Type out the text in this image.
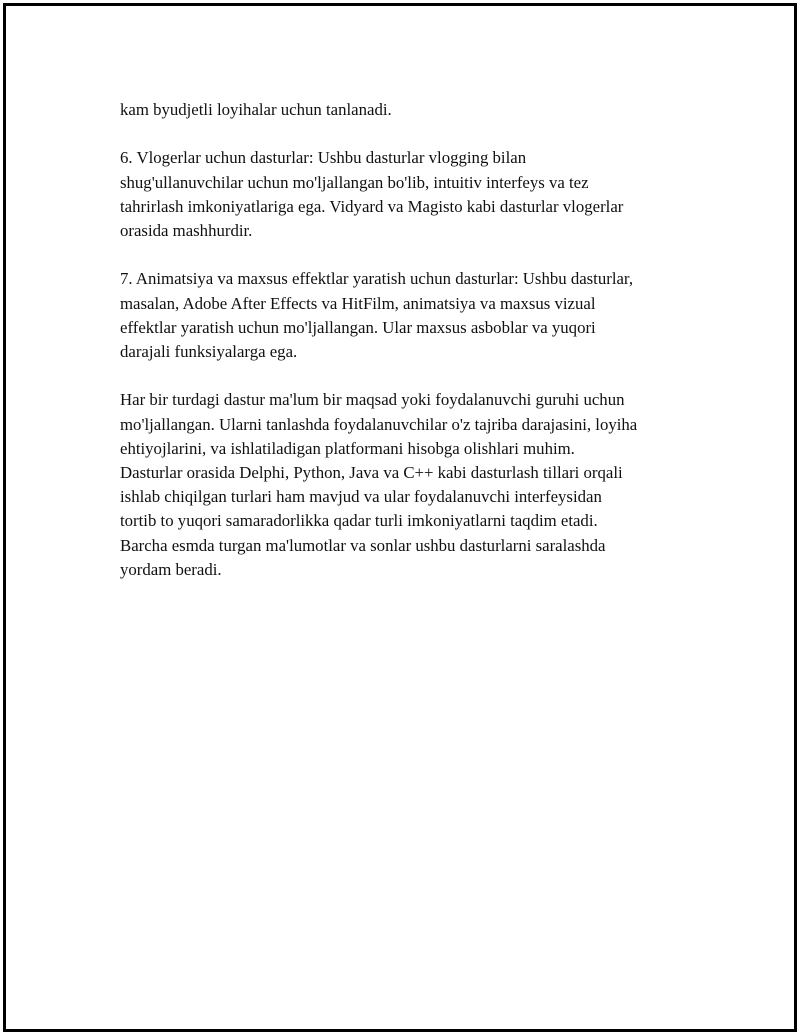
kam byudjetli loyihalar uchun tanlanadi.

6. Vlogerlar uchun dasturlar: Ushbu dasturlar vlogging bilan
shug'ullanuvchilar uchun mo'ljallangan bo'lib, intuitiv interfeys va tez
tahrirlash imkoniyatlariga ega. Vidyard va Magisto kabi dasturlar vlogerlar
orasida mashhurdir.

7. Animatsiya va maxsus effektlar yaratish uchun dasturlar: Ushbu dasturlar,
masalan, Adobe After Effects va HitFilm, animatsiya va maxsus vizual
effektlar yaratish uchun mo'ljallangan. Ular maxsus asboblar va yuqori
darajali funksiyalarga ega.

Har bir turdagi dastur ma'lum bir maqsad yoki foydalanuvchi guruhi uchun
mo'ljallangan. Ularni tanlashda foydalanuvchilar o'z tajriba darajasini, loyiha
ehtiyojlarini, va ishlatiladigan platformani hisobga olishlari muhim.
Dasturlar orasida Delphi, Python, Java va C++ kabi dasturlash tillari orqali
ishlab chiqilgan turlari ham mavjud va ular foydalanuvchi interfeysidan
tortib to yuqori samaradorlikka qadar turli imkoniyatlarni taqdim etadi.
Barcha esmda turgan ma'lumotlar va sonlar ushbu dasturlarni saralashda
yordam beradi.
